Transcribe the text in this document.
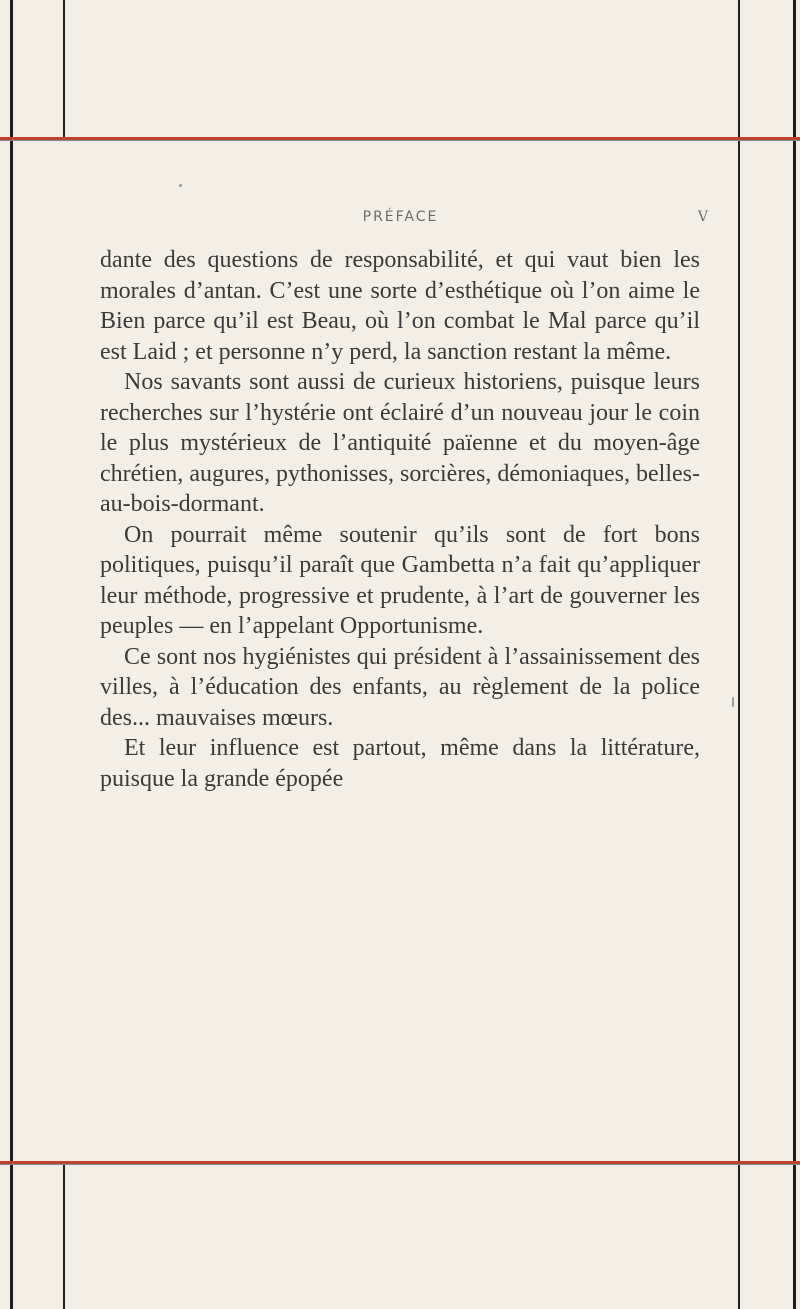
PRÉFACE	V

dante des questions de responsabilité, et qui vaut bien les morales d’antan. C’est une sorte d’esthétique où l’on aime le Bien parce qu’il est Beau, où l’on combat le Mal parce qu’il est Laid ; et personne n’y perd, la sanction restant la même.

Nos savants sont aussi de curieux historiens, puisque leurs recherches sur l’hystérie ont éclairé d’un nouveau jour le coin le plus mystérieux de l’antiquité païenne et du moyen-âge chrétien, augures, pythonisses, sorcières, démoniaques, belles-au-bois-dormant.

On pourrait même soutenir qu’ils sont de fort bons politiques, puisqu’il paraît que Gambetta n’a fait qu’appliquer leur méthode, progressive et prudente, à l’art de gouverner les peuples — en l’appelant Opportunisme.

Ce sont nos hygiénistes qui président à l’assainissement des villes, à l’éducation des enfants, au règlement de la police des... mauvaises mœurs.

Et leur influence est partout, même dans la littérature, puisque la grande épopée
